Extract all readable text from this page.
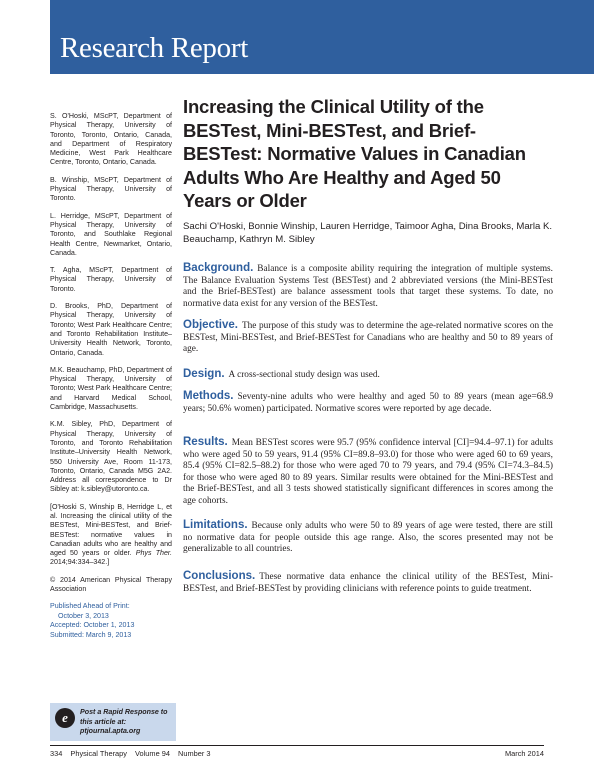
Research Report

S. O'Hoski, MScPT, Department of Physical Therapy, University of Toronto, Toronto, Ontario, Canada, and Department of Respiratory Medicine, West Park Healthcare Centre, Toronto, Ontario, Canada.

B. Winship, MScPT, Department of Physical Therapy, University of Toronto.

L. Herridge, MScPT, Department of Physical Therapy, University of Toronto, and Southlake Regional Health Centre, Newmarket, Ontario, Canada.

T. Agha, MScPT, Department of Physical Therapy, University of Toronto.

D. Brooks, PhD, Department of Physical Therapy, University of Toronto; West Park Healthcare Centre; and Toronto Rehabilitation Institute–University Health Network, Toronto, Ontario, Canada.

M.K. Beauchamp, PhD, Department of Physical Therapy, University of Toronto; West Park Healthcare Centre; and Harvard Medical School, Cambridge, Massachusetts.

K.M. Sibley, PhD, Department of Physical Therapy, University of Toronto, and Toronto Rehabilitation Institute–University Health Network, 550 University Ave, Room 11-173, Toronto, Ontario, Canada M5G 2A2. Address all correspondence to Dr Sibley at: k.sibley@utoronto.ca.

[O'Hoski S, Winship B, Herridge L, et al. Increasing the clinical utility of the BESTest, Mini-BESTest, and Brief-BESTest: normative values in Canadian adults who are healthy and aged 50 years or older. Phys Ther. 2014;94:334–342.]

© 2014 American Physical Therapy Association

Published Ahead of Print:
October 3, 2013
Accepted: October 1, 2013
Submitted: March 9, 2013
e	Post a Rapid Response to
this article at:
ptjournal.apta.org
Increasing the Clinical Utility of the BESTest, Mini-BESTest, and Brief-BESTest: Normative Values in Canadian Adults Who Are Healthy and Aged 50 Years or Older

Sachi O'Hoski, Bonnie Winship, Lauren Herridge, Taimoor Agha, Dina Brooks, Marla K. Beauchamp, Kathryn M. Sibley

Background. Balance is a composite ability requiring the integration of multiple systems. The Balance Evaluation Systems Test (BESTest) and 2 abbreviated versions (the Mini-BESTest and the Brief-BESTest) are balance assessment tools that target these systems. To date, no normative data exist for any version of the BESTest.

Objective. The purpose of this study was to determine the age-related normative scores on the BESTest, Mini-BESTest, and Brief-BESTest for Canadians who are healthy and 50 to 89 years of age.

Design. A cross-sectional study design was used.

Methods. Seventy-nine adults who were healthy and aged 50 to 89 years (mean age=68.9 years; 50.6% women) participated. Normative scores were reported by age decade.

Results. Mean BESTest scores were 95.7 (95% confidence interval [CI]=94.4–97.1) for adults who were aged 50 to 59 years, 91.4 (95% CI=89.8–93.0) for those who were aged 60 to 69 years, 85.4 (95% CI=82.5–88.2) for those who were aged 70 to 79 years, and 79.4 (95% CI=74.3–84.5) for those who were aged 80 to 89 years. Similar results were obtained for the Mini-BESTest and the Brief-BESTest, and all 3 tests showed statistically significant differences in scores among the age cohorts.

Limitations. Because only adults who were 50 to 89 years of age were tested, there are still no normative data for people outside this age range. Also, the scores presented may not be generalizable to all countries.

Conclusions. These normative data enhance the clinical utility of the BESTest, Mini-BESTest, and Brief-BESTest by providing clinicians with reference points to guide treatment.

334 Physical Therapy Volume 94 Number 3	March 2014
